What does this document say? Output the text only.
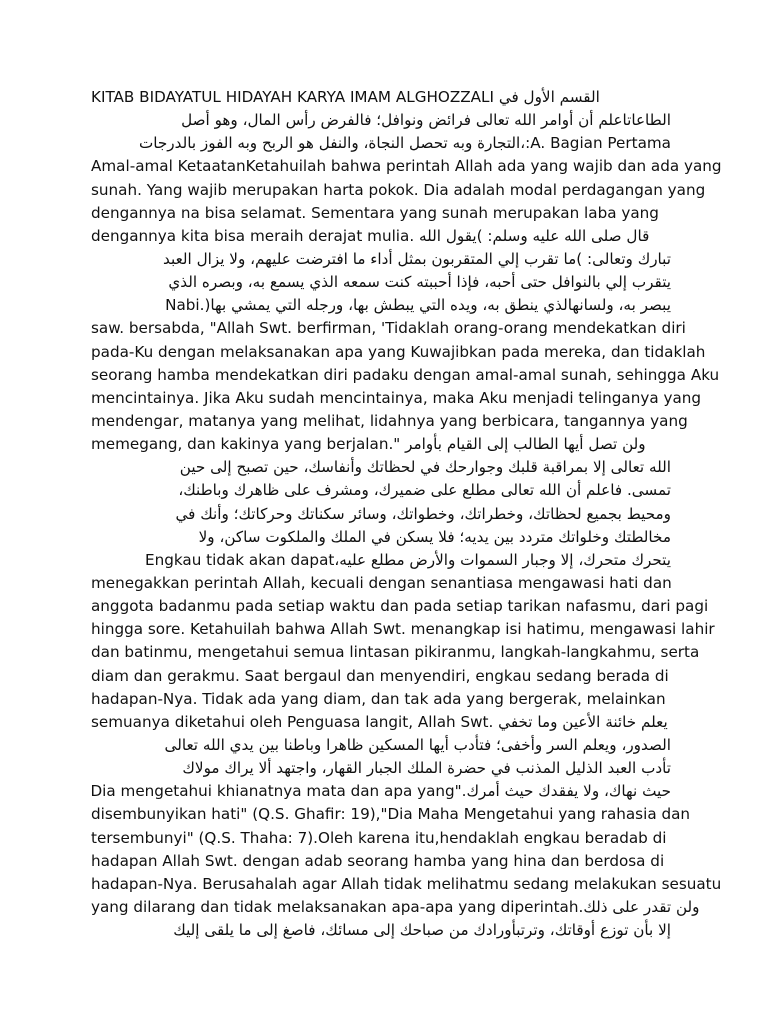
KITAB BIDAYATUL HIDAYAH KARYA IMAM ALGHOZZALI القسم الأول في
الطاعاتاعلم أن أوامر الله تعالى فرائض ونوافل؛ فالفرض رأس المال، وهو أصل
A. Bagian Pertama:،التجارة وبه تحصل النجاة، والنفل هو الربح وبه الفوز بالدرجات
Amal-amal KetaatanKetahuilah bahwa perintah Allah ada yang wajib dan ada yang
sunah. Yang wajib merupakan harta pokok. Dia adalah modal perdagangan yang
dengannya na bisa selamat. Sementara yang sunah merupakan laba yang
dengannya kita bisa meraih derajat mulia. قال صلى الله عليه وسلم: )يقول الله
تبارك وتعالى: )ما تقرب إلي المتقربون بمثل أداء ما افترضت عليهم، ولا يزال العبد
يتقرب إلي بالنوافل حتى أحبه، فإذا أحببته كنت سمعه الذي يسمع به، وبصره الذي
يبصر به، ولسانهالذي ينطق به، ويده التي يبطش بها، ورجله التي يمشي بها(.Nabi
saw. bersabda, "Allah Swt. berfirman, 'Tidaklah orang-orang mendekatkan diri
pada-Ku dengan melaksanakan apa yang Kuwajibkan pada mereka, dan tidaklah
seorang hamba mendekatkan diri padaku dengan amal-amal sunah, sehingga Aku
mencintainya. Jika Aku sudah mencintainya, maka Aku menjadi telinganya yang
mendengar, matanya yang melihat, lidahnya yang berbicara, tangannya yang
memegang, dan kakinya yang berjalan." ولن تصل أيها الطالب إلى القيام بأوامر
الله تعالى إلا بمراقبة قلبك وجوارحك في لحظاتك وأنفاسك، حين تصبح إلى حين
تمسى. فاعلم أن الله تعالى مطلع على ضميرك، ومشرف على ظاهرك وباطنك،
ومحيط بجميع لحظاتك، وخطراتك، وخطواتك، وسائر سكناتك وحركاتك؛ وأنك في
مخالطتك وخلواتك متردد بين يديه؛ فلا يسكن في الملك والملكوت ساكن، ولا
يتحرك متحرك، إلا وجبار السموات والأرض مطلع عليه،Engkau tidak akan dapat
menegakkan perintah Allah, kecuali dengan senantiasa mengawasi hati dan
anggota badanmu pada setiap waktu dan pada setiap tarikan nafasmu, dari pagi
hingga sore. Ketahuilah bahwa Allah Swt. menangkap isi hatimu, mengawasi lahir
dan batinmu, mengetahui semua lintasan pikiranmu, langkah-langkahmu, serta
diam dan gerakmu. Saat bergaul dan menyendiri, engkau sedang berada di
hadapan-Nya. Tidak ada yang diam, dan tak ada yang bergerak, melainkan
semuanya diketahui oleh Penguasa langit, Allah Swt. يعلم خائنة الأعين وما تخفي
الصدور، ويعلم السر وأخفى؛ فتأدب أيها المسكين ظاهرا وباطنا بين يدي الله تعالى
تأدب العبد الذليل المذنب في حضرة الملك الجبار القهار، واجتهد ألا يراك مولاك
حيث نهاك، ولا يفقدك حيث أمرك."Dia mengetahui khianatnya mata dan apa yang
disembunyikan hati" (Q.S. Ghafir: 19),"Dia Maha Mengetahui yang rahasia dan
tersembunyi" (Q.S. Thaha: 7).Oleh karena itu,hendaklah engkau beradab di
hadapan Allah Swt. dengan adab seorang hamba yang hina dan berdosa di
hadapan-Nya. Berusahalah agar Allah tidak melihatmu sedang melakukan sesuatu
yang dilarang dan tidak melaksanakan apa-apa yang diperintah.ولن تقدر على ذلك
إلا بأن توزع أوقاتك، وترتبأورادك من صباحك إلى مسائك، فاصغ إلى ما يلقى إليك
